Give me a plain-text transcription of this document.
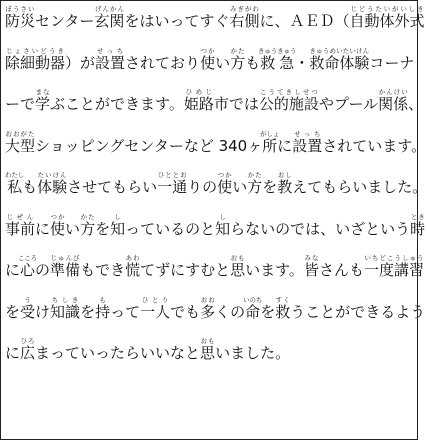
防災ぼうさいセンター玄関げんかんをはいってすぐ右側みぎがわに、ＡＥＤ（自動体外式じどうたいがいしき
除細動器じょさいどうき）が設置せっちされており使つかい方かたも救急きゅうきゅう・救命体験きゅうめいたいけんコーナ
ーで学まなぶことができます。姫路ひめじ市では公的施設こうてきしせつやプール関係かんけい、
大型おおがたショッピングセンターなど 340ヶ所がしょに設置せっちされています。
私わたしも体験たいけんさせてもらい一通ひととおりの使つかい方かたを教おしえてもらいました。
事前じぜんに使つかい方かたを知しっているのと知しらないのでは、いざという時とき
に心こころの準備じゅんびもでき慌あわてずにすむと思おもいます。皆みなさんも一度講習いちどこうしゅう
を受うけ知識ちしきを持もって一人ひとりでも多おおくの命いのちを救すくうことができるよう
に広ひろまっていったらいいなと思おもいました。
